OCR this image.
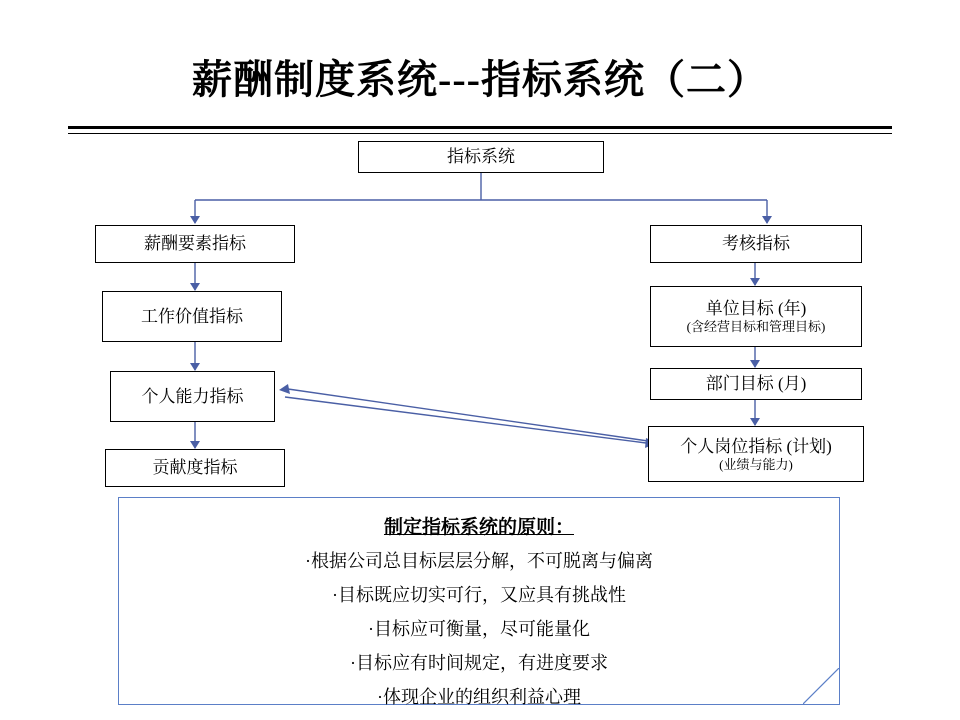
薪酬制度系统---指标系统（二）
指标系统
薪酬要素指标
工作价值指标
个人能力指标
贡献度指标
考核指标
单位目标 (年)
(含经营目标和管理目标)
部门目标 (月)
个人岗位指标 (计划)
(业绩与能力)
制定指标系统的原则：
·根据公司总目标层层分解，不可脱离与偏离
·目标既应切实可行，又应具有挑战性
·目标应可衡量，尽可能量化
·目标应有时间规定，有进度要求
·体现企业的组织利益心理
